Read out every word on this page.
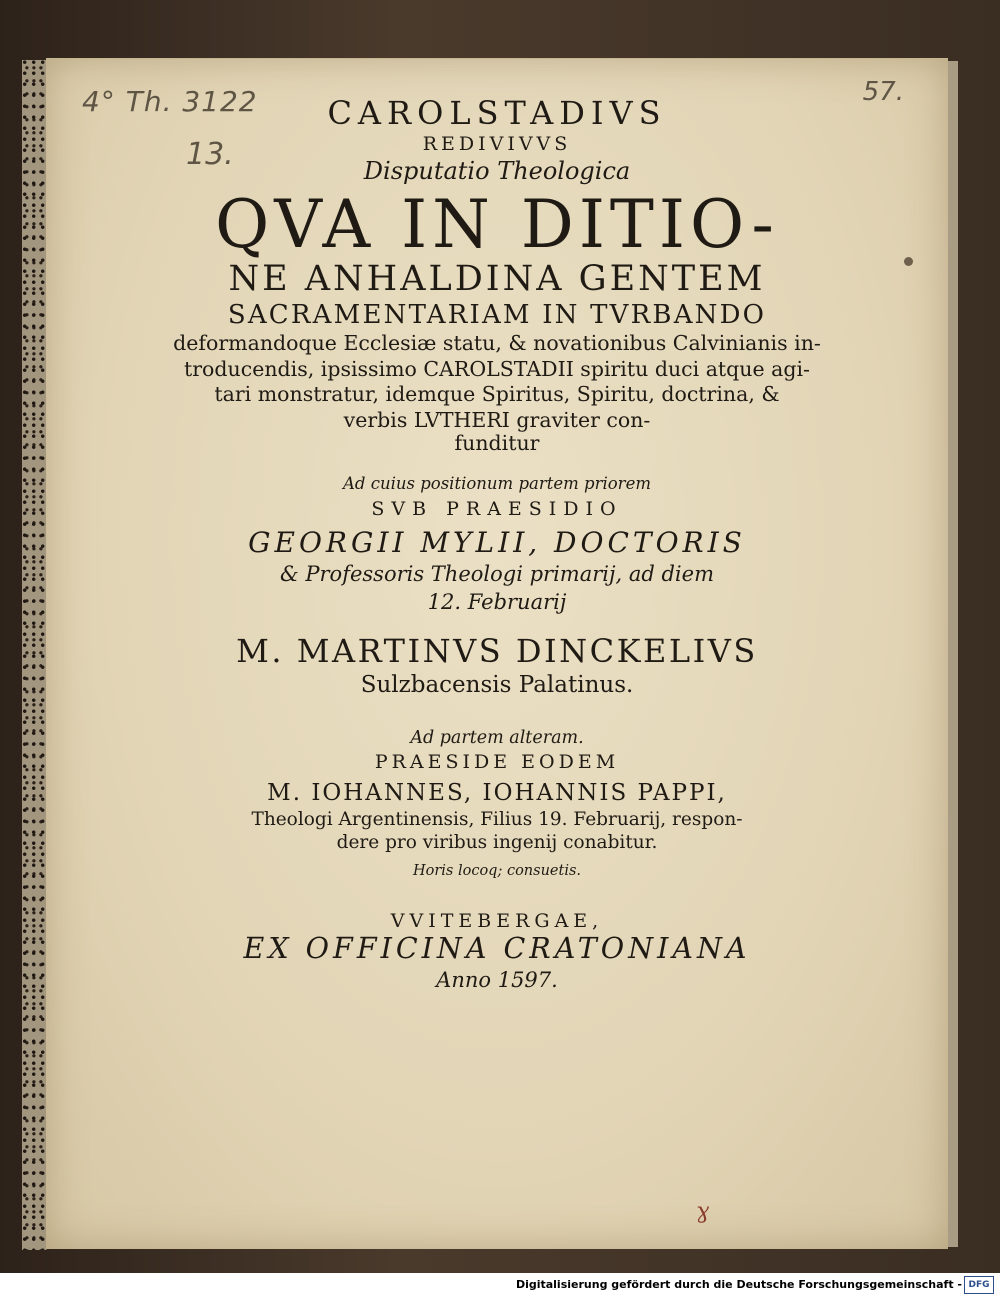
4° Th. 3122
13.
57.
ɣ
CAROLSTADIVS
REDIVIVVS
Disputatio Theologica
QVA IN DITIO-
NE ANHALDINA GENTEM
SACRAMENTARIAM IN TVRBANDO
deformandoque Ecclesiæ statu, & novationibus Calvinianis in-
troducendis, ipsissimo CAROLSTADII spiritu duci atque agi-
tari monstratur, idemque Spiritus, Spiritu, doctrina, &
verbis LVTHERI graviter con-
funditur
Ad cuius positionum partem priorem
SVB PRAESIDIO
GEORGII MYLII, DOCTORIS
& Professoris Theologi primarij, ad diem
12. Februarij
M. MARTINVS DINCKELIVS
Sulzbacensis Palatinus.
Ad partem alteram.
PRAESIDE EODEM
M. IOHANNES, IOHANNIS PAPPI,
Theologi Argentinensis, Filius 19. Februarij, respon-
dere pro viribus ingenij conabitur.
Horis locoq; consuetis.
VVITEBERGAE,
EX OFFICINA CRATONIANA
Anno 1597.
Digitalisierung gefördert durch die Deutsche Forschungsgemeinschaft - DFG
